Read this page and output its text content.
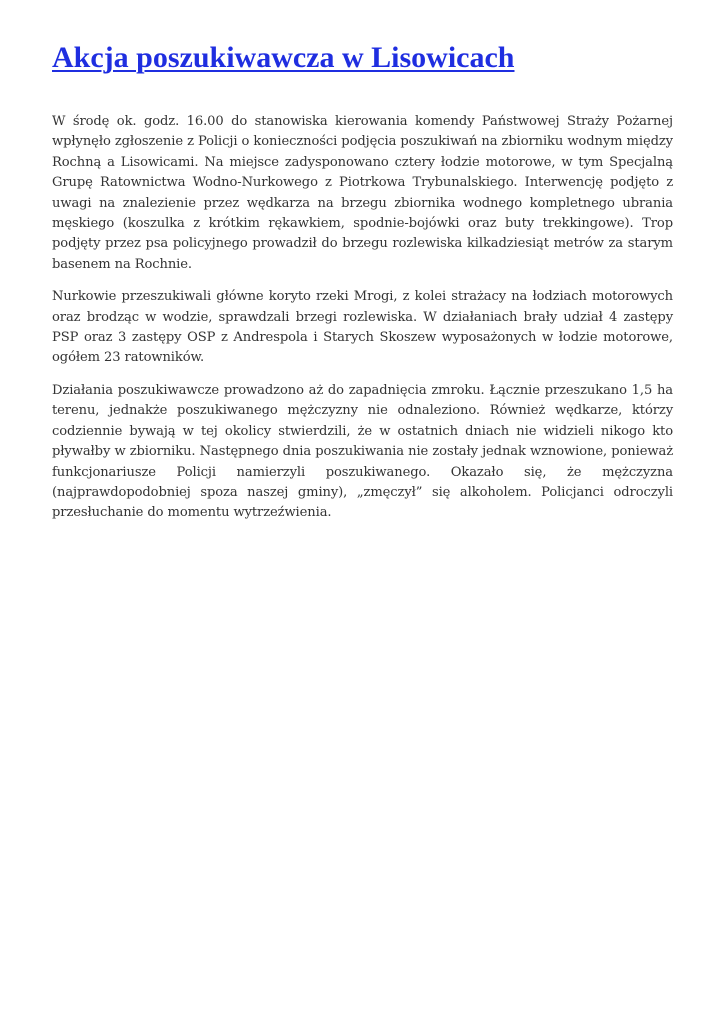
Akcja poszukiwawcza w Lisowicach

W środę ok. godz. 16.00 do stanowiska kierowania komendy Państwowej Straży Pożarnej wpłynęło zgłoszenie z Policji o konieczności podjęcia poszukiwań na zbiorniku wodnym między Rochną a Lisowicami. Na miejsce zadysponowano cztery łodzie motorowe, w tym Specjalną Grupę Ratownictwa Wodno-Nurkowego z Piotrkowa Trybunalskiego. Interwencję podjęto z uwagi na znalezienie przez wędkarza na brzegu zbiornika wodnego kompletnego ubrania męskiego (koszulka z krótkim rękawkiem, spodnie-bojówki oraz buty trekkingowe). Trop podjęty przez psa policyjnego prowadził do brzegu rozlewiska kilkadziesiąt metrów za starym basenem na Rochnie.

Nurkowie przeszukiwali główne koryto rzeki Mrogi, z kolei strażacy na łodziach motorowych oraz brodząc w wodzie, sprawdzali brzegi rozlewiska. W działaniach brały udział 4 zastępy PSP oraz 3 zastępy OSP z Andrespola i Starych Skoszew wyposażonych w łodzie motorowe, ogółem 23 ratowników.

Działania poszukiwawcze prowadzono aż do zapadnięcia zmroku. Łącznie przeszukano 1,5 ha terenu, jednakże poszukiwanego mężczyzny nie odnaleziono. Również wędkarze, którzy codziennie bywają w tej okolicy stwierdzili, że w ostatnich dniach nie widzieli nikogo kto pływałby w zbiorniku. Następnego dnia poszukiwania nie zostały jednak wznowione, ponieważ funkcjonariusze Policji namierzyli poszukiwanego. Okazało się, że mężczyzna (najprawdopodobniej spoza naszej gminy), „zmęczył” się alkoholem. Policjanci odroczyli przesłuchanie do momentu wytrzeźwienia.
